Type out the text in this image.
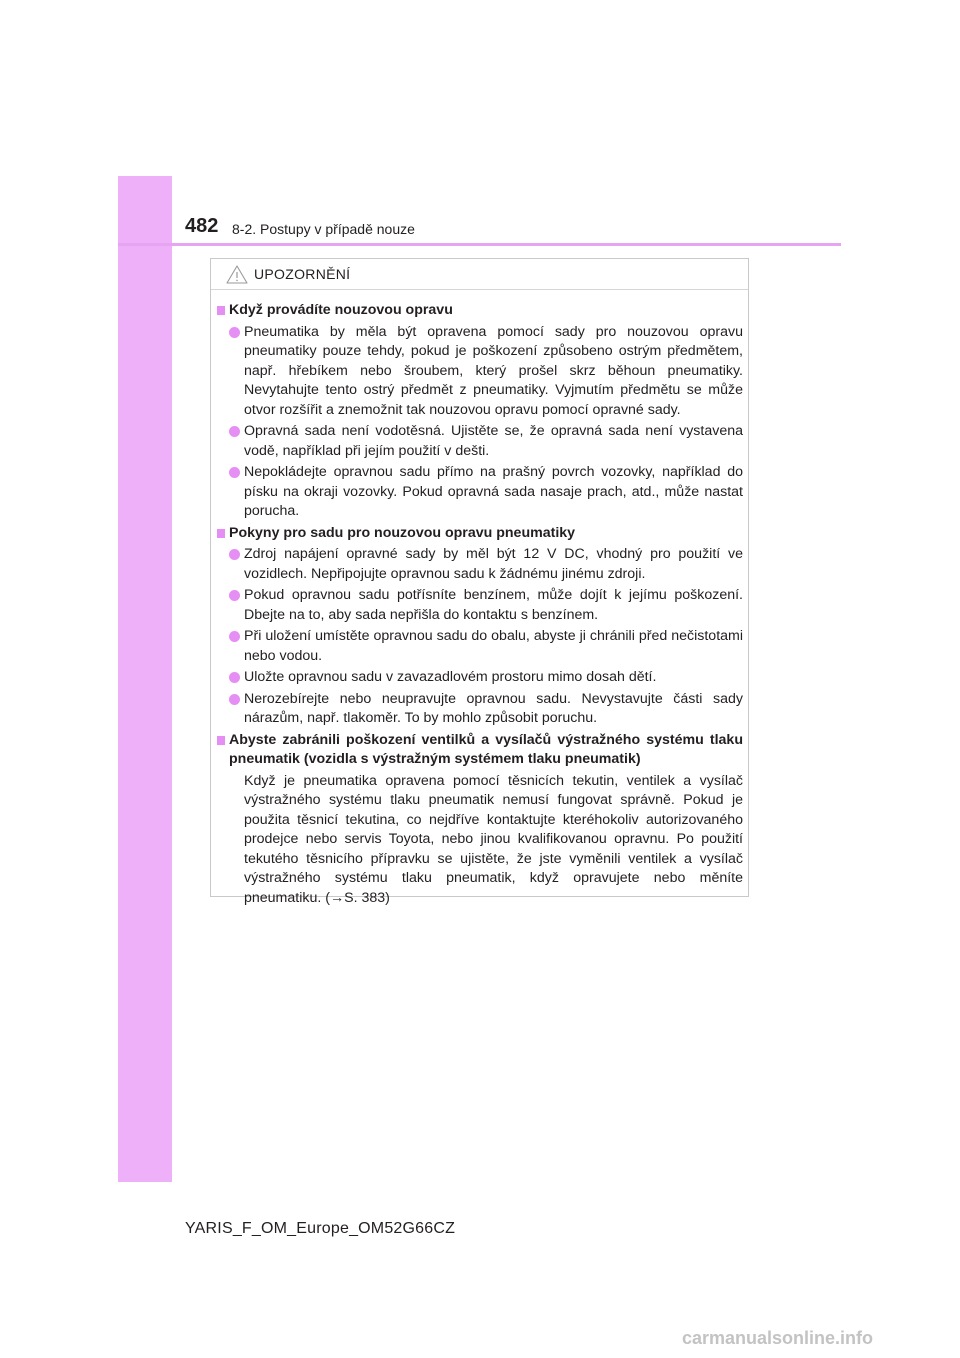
482 8-2. Postupy v případě nouze
UPOZORNĚNÍ
Když provádíte nouzovou opravu
Pneumatika by měla být opravena pomocí sady pro nouzovou opravu pneumatiky pouze tehdy, pokud je poškození způsobeno ostrým předmětem, např. hřebíkem nebo šroubem, který prošel skrz běhoun pneumatiky. Nevytahujte tento ostrý předmět z pneumatiky. Vyjmutím předmětu se může otvor rozšířit a znemožnit tak nouzovou opravu pomocí opravné sady.
Opravná sada není vodotěsná. Ujistěte se, že opravná sada není vystavena vodě, například při jejím použití v dešti.
Nepokládejte opravnou sadu přímo na prašný povrch vozovky, například do písku na okraji vozovky. Pokud opravná sada nasaje prach, atd., může nastat porucha.
Pokyny pro sadu pro nouzovou opravu pneumatiky
Zdroj napájení opravné sady by měl být 12 V DC, vhodný pro použití ve vozidlech. Nepřipojujte opravnou sadu k žádnému jinému zdroji.
Pokud opravnou sadu potřísníte benzínem, může dojít k jejímu poškození. Dbejte na to, aby sada nepřišla do kontaktu s benzínem.
Při uložení umístěte opravnou sadu do obalu, abyste ji chránili před nečistotami nebo vodou.
Uložte opravnou sadu v zavazadlovém prostoru mimo dosah dětí.
Nerozebírejte nebo neupravujte opravnou sadu. Nevystavujte části sady nárazům, např. tlakoměr. To by mohlo způsobit poruchu.
Abyste zabránili poškození ventilků a vysílačů výstražného systému tlaku pneumatik (vozidla s výstražným systémem tlaku pneumatik)
Když je pneumatika opravena pomocí těsnicích tekutin, ventilek a vysílač výstražného systému tlaku pneumatik nemusí fungovat správně. Pokud je použita těsnicí tekutina, co nejdříve kontaktujte kteréhokoliv autorizovaného prodejce nebo servis Toyota, nebo jinou kvalifikovanou opravnu. Po použití tekutého těsnicího přípravku se ujistěte, že jste vyměnili ventilek a vysílač výstražného systému tlaku pneumatik, když opravujete nebo měníte pneumatiku. (→S. 383)
YARIS_F_OM_Europe_OM52G66CZ
carmanualsonline.info
